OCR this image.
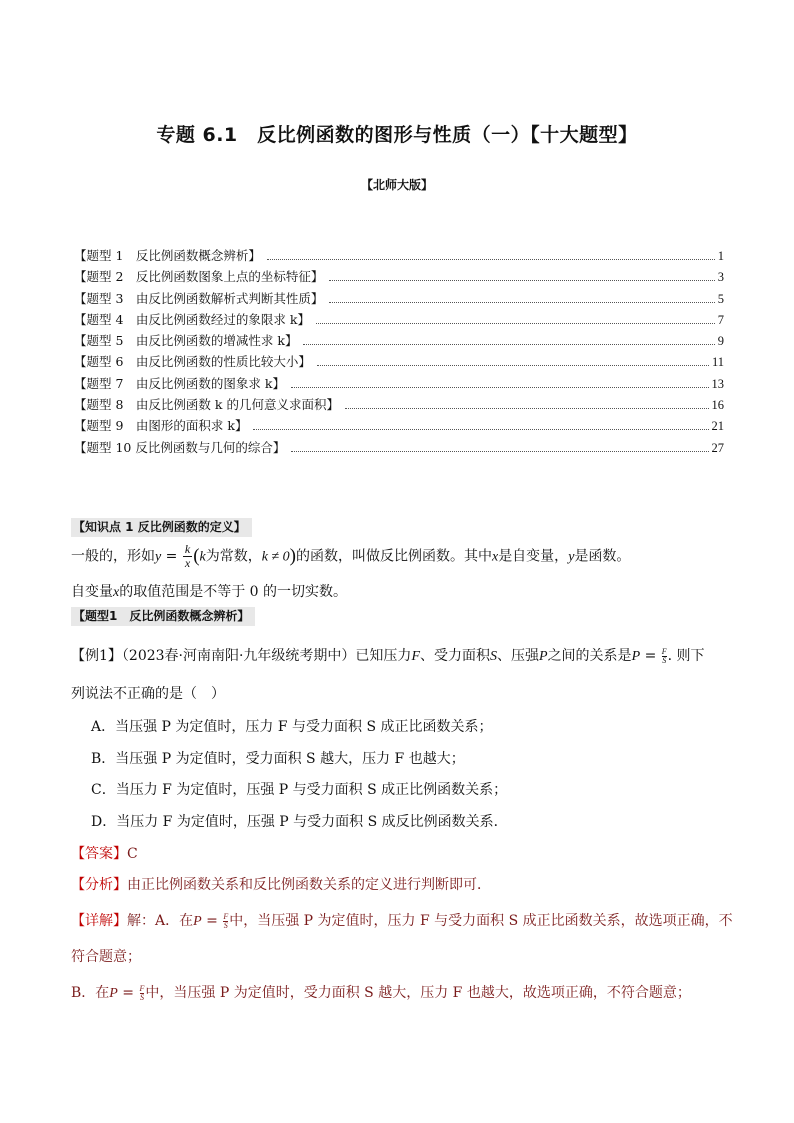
专题 6.1　反比例函数的图形与性质（一）【十大题型】
【北师大版】
【题型 1　反比例函数概念辨析】	1
【题型 2　反比例函数图象上点的坐标特征】	3
【题型 3　由反比例函数解析式判断其性质】	5
【题型 4　由反比例函数经过的象限求 k】	7
【题型 5　由反比例函数的增减性求 k】	9
【题型 6　由反比例函数的性质比较大小】	11
【题型 7　由反比例函数的图象求 k】	13
【题型 8　由反比例函数 k 的几何意义求面积】	16
【题型 9　由图形的面积求 k】	21
【题型 10 反比例函数与几何的综合】	27
【知识点 1 反比例函数的定义】
一般的，形如$y = \frac{k}{x} (k$为常数，k ≠ 0)的函数，叫做反比例函数。其中x是自变量，y是函数。
自变量x的取值范围是不等于 0 的一切实数。
【题型1　反比例函数概念辨析】
【例1】（2023春·河南南阳·九年级统考期中）已知压力F、受力面积S、压强P之间的关系是$P = \frac{F}{S}$ . 则下
列说法不正确的是（　）
A．当压强 P 为定值时，压力 F 与受力面积 S 成正比函数关系；
B．当压强 P 为定值时，受力面积 S 越大，压力 F 也越大；
C．当压力 F 为定值时，压强 P 与受力面积 S 成正比例函数关系；
D．当压力 F 为定值时，压强 P 与受力面积 S 成反比例函数关系．
【答案】C
【分析】由正比例函数关系和反比例函数关系的定义进行判断即可．
【详解】解：A．在$P = \frac{F}{S}$ 中，当压强 P 为定值时，压力 F 与受力面积 S 成正比函数关系，故选项正确，不
符合题意；
B．在$P = \frac{F}{S}$ 中，当压强 P 为定值时，受力面积 S 越大，压力 F 也越大，故选项正确，不符合题意；
